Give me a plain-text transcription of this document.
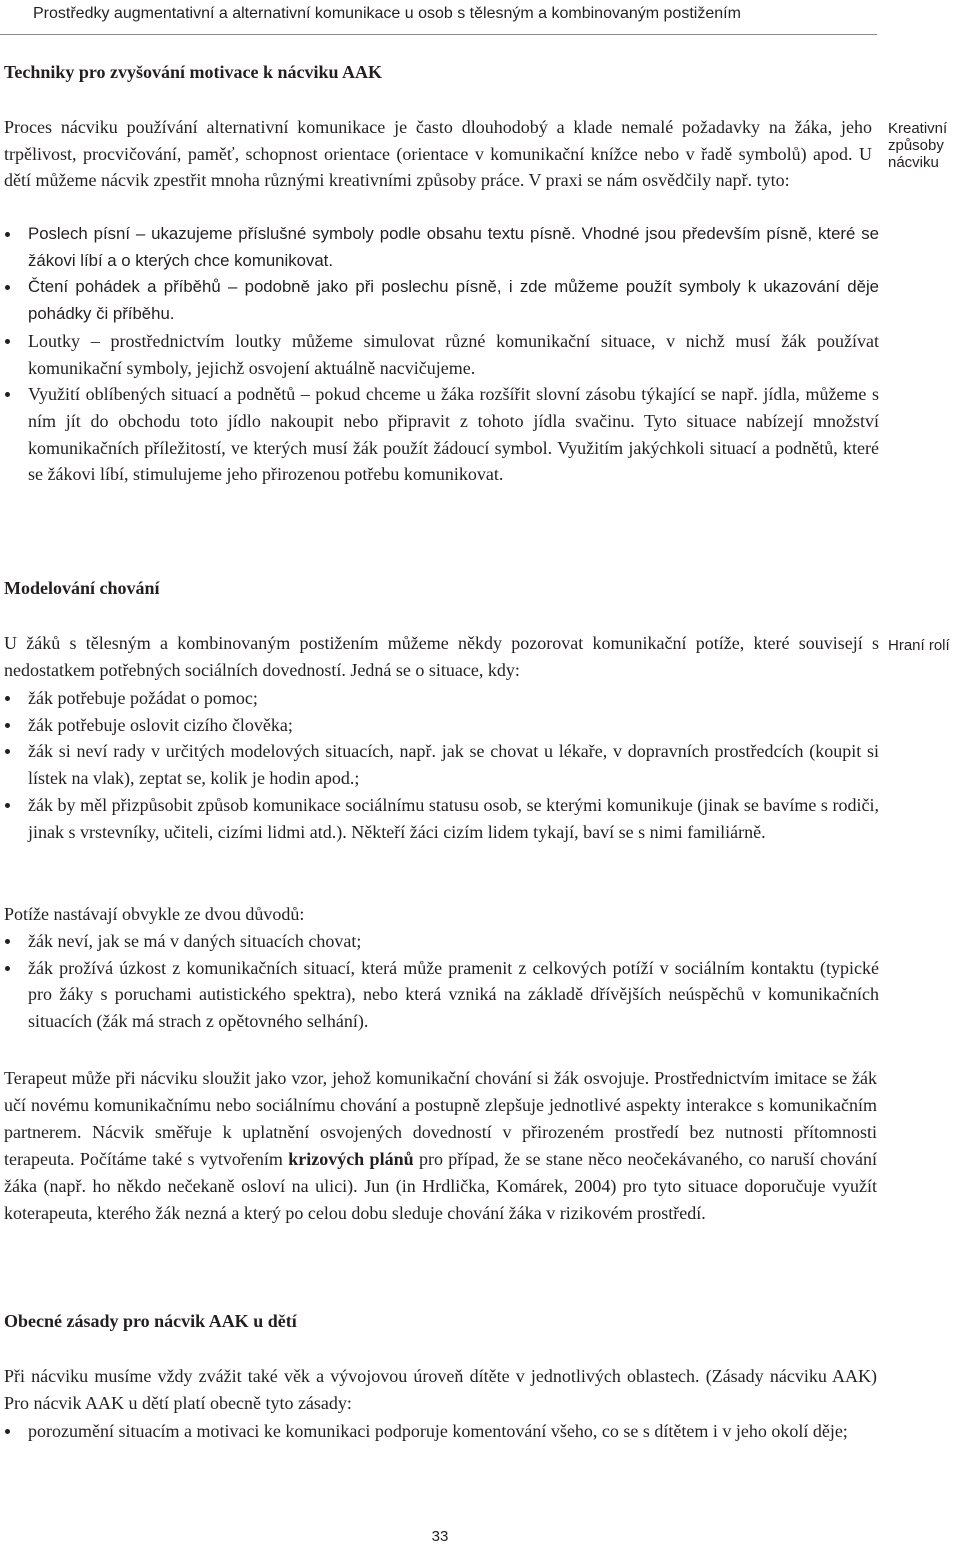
Prostředky augmentativní a alternativní komunikace u osob s tělesným a kombinovaným postižením
Techniky pro zvyšování motivace k nácviku AAK
Kreativní způsoby nácviku

Proces nácviku používání alternativní komunikace je často dlouhodobý a klade nemalé požadavky na žáka, jeho trpělivost, procvičování, paměť, schopnost orientace (orientace v komunikační knížce nebo v řadě symbolů) apod. U dětí můžeme nácvik zpestřit mnoha různými kreativními způsoby práce. V praxi se nám osvědčily např. tyto:

Poslech písní – ukazujeme příslušné symboly podle obsahu textu písně. Vhodné jsou především písně, které se žákovi líbí a o kterých chce komunikovat.
Čtení pohádek a příběhů – podobně jako při poslechu písně, i zde můžeme použít symboly k ukazování děje pohádky či příběhu.
Loutky – prostřednictvím loutky můžeme simulovat různé komunikační situace, v nichž musí žák používat komunikační symboly, jejichž osvojení aktuálně nacvičujeme.
Využití oblíbených situací a podnětů – pokud chceme u žáka rozšířit slovní zásobu týkající se např. jídla, můžeme s ním jít do obchodu toto jídlo nakoupit nebo připravit z tohoto jídla svačinu. Tyto situace nabízejí množství komunikačních příležitostí, ve kterých musí žák použít žádoucí symbol. Využitím jakýchkoli situací a podnětů, které se žákovi líbí, stimulujeme jeho přirozenou potřebu komunikovat.
Modelování chování
Hraní rolí

U žáků s tělesným a kombinovaným postižením můžeme někdy pozorovat komunikační potíže, které souvisejí s nedostatkem potřebných sociálních dovedností. Jedná se o situace, kdy:

žák potřebuje požádat o pomoc;
žák potřebuje oslovit cizího člověka;
žák si neví rady v určitých modelových situacích, např. jak se chovat u lékaře, v dopravních prostředcích (koupit si lístek na vlak), zeptat se, kolik je hodin apod.;
žák by měl přizpůsobit způsob komunikace sociálnímu statusu osob, se kterými komunikuje (jinak se bavíme s rodiči, jinak s vrstevníky, učiteli, cizími lidmi atd.). Někteří žáci cizím lidem tykají, baví se s nimi familiárně.

Potíže nastávají obvykle ze dvou důvodů:

žák neví, jak se má v daných situacích chovat;
žák prožívá úzkost z komunikačních situací, která může pramenit z celkových potíží v sociálním kontaktu (typické pro žáky s poruchami autistického spektra), nebo která vzniká na základě dřívějších neúspěchů v komunikačních situacích (žák má strach z opětovného selhání).

Terapeut může při nácviku sloužit jako vzor, jehož komunikační chování si žák osvojuje. Prostřednictvím imitace se žák učí novému komunikačnímu nebo sociálnímu chování a postupně zlepšuje jednotlivé aspekty interakce s komunikačním partnerem. Nácvik směřuje k uplatnění osvojených dovedností v přirozeném prostředí bez nutnosti přítomnosti terapeuta. Počítáme také s vytvořením krizových plánů pro případ, že se stane něco neočekávaného, co naruší chování žáka (např. ho někdo nečekaně osloví na ulici). Jun (in Hrdlička, Komárek, 2004) pro tyto situace doporučuje využít koterapeuta, kterého žák nezná a který po celou dobu sleduje chování žáka v rizikovém prostředí.

Obecné zásady pro nácvik AAK u dětí

Při nácviku musíme vždy zvážit také věk a vývojovou úroveň dítěte v jednotlivých oblastech. (Zásady nácviku AAK) Pro nácvik AAK u dětí platí obecně tyto zásady:

porozumění situacím a motivaci ke komunikaci podporuje komentování všeho, co se s dítětem i v jeho okolí děje;
33
